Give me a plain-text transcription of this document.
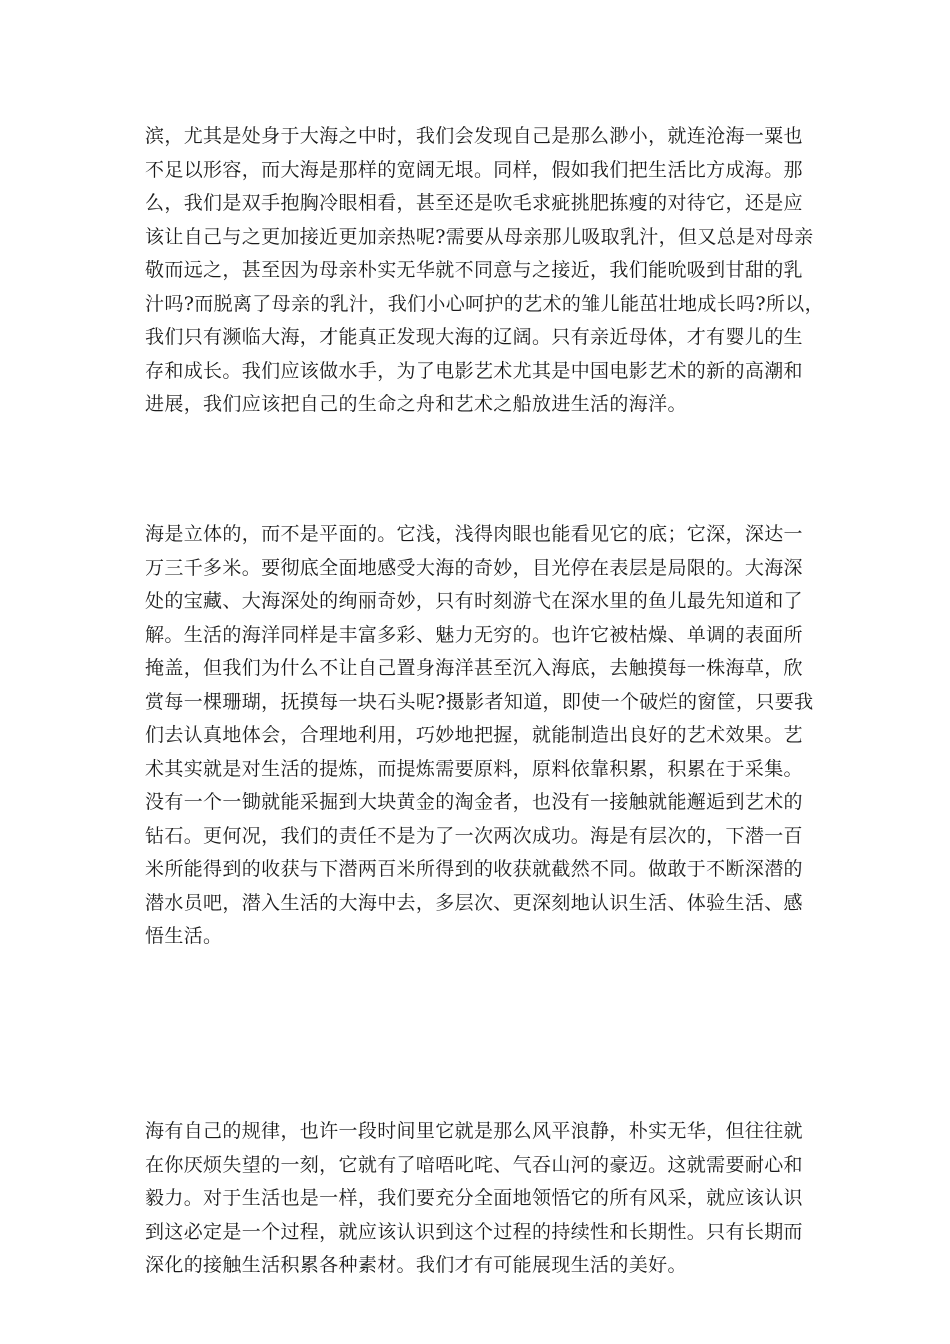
滨，尤其是处身于大海之中时，我们会发现自己是那么渺小，就连沧海一粟也
不足以形容，而大海是那样的宽阔无垠。同样，假如我们把生活比方成海。那
么，我们是双手抱胸冷眼相看，甚至还是吹毛求疵挑肥拣瘦的对待它，还是应
该让自己与之更加接近更加亲热呢?需要从母亲那儿吸取乳汁，但又总是对母亲
敬而远之，甚至因为母亲朴实无华就不同意与之接近，我们能吮吸到甘甜的乳
汁吗?而脱离了母亲的乳汁，我们小心呵护的艺术的雏儿能茁壮地成长吗?所以，
我们只有濒临大海，才能真正发现大海的辽阔。只有亲近母体，才有婴儿的生
存和成长。我们应该做水手，为了电影艺术尤其是中国电影艺术的新的高潮和
进展，我们应该把自己的生命之舟和艺术之船放进生活的海洋。
海是立体的，而不是平面的。它浅，浅得肉眼也能看见它的底；它深，深达一
万三千多米。要彻底全面地感受大海的奇妙，目光停在表层是局限的。大海深
处的宝藏、大海深处的绚丽奇妙，只有时刻游弋在深水里的鱼儿最先知道和了
解。生活的海洋同样是丰富多彩、魅力无穷的。也许它被枯燥、单调的表面所
掩盖，但我们为什么不让自己置身海洋甚至沉入海底，去触摸每一株海草，欣
赏每一棵珊瑚，抚摸每一块石头呢?摄影者知道，即使一个破烂的窗筐，只要我
们去认真地体会，合理地利用，巧妙地把握，就能制造出良好的艺术效果。艺
术其实就是对生活的提炼，而提炼需要原料，原料依靠积累，积累在于采集。
没有一个一锄就能采掘到大块黄金的淘金者，也没有一接触就能邂逅到艺术的
钻石。更何况，我们的责任不是为了一次两次成功。海是有层次的，下潜一百
米所能得到的收获与下潜两百米所得到的收获就截然不同。做敢于不断深潜的
潜水员吧，潜入生活的大海中去，多层次、更深刻地认识生活、体验生活、感
悟生活。
海有自己的规律，也许一段时间里它就是那么风平浪静，朴实无华，但往往就
在你厌烦失望的一刻，它就有了喑唔叱咤、气吞山河的豪迈。这就需要耐心和
毅力。对于生活也是一样，我们要充分全面地领悟它的所有风采，就应该认识
到这必定是一个过程，就应该认识到这个过程的持续性和长期性。只有长期而
深化的接触生活积累各种素材。我们才有可能展现生活的美好。
